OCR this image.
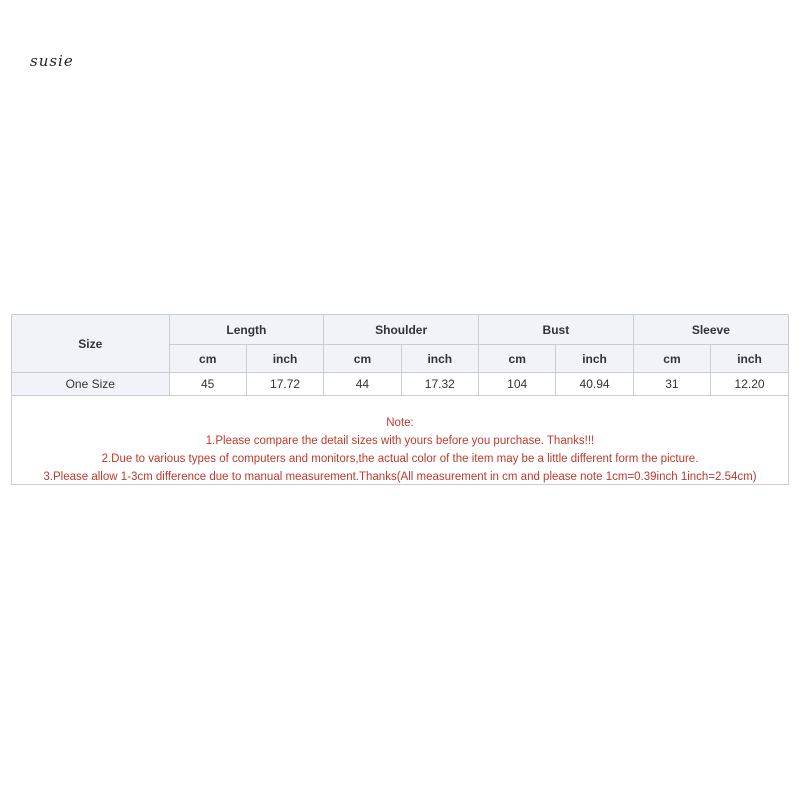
susie
Size	Length		Shoulder		Bust		Sleeve	
	cm	inch	cm	inch	cm	inch	cm	inch
One Size	45	17.72	44	17.32	104	40.94	31	12.20
Note:
1.Please compare the detail sizes with yours before you purchase. Thanks!!!
2.Due to various types of computers and monitors,the actual color of the item may be a little different form the picture.
3.Please allow 1-3cm difference due to manual measurement.Thanks(All measurement in cm and please note 1cm=0.39inch 1inch=2.54cm)
